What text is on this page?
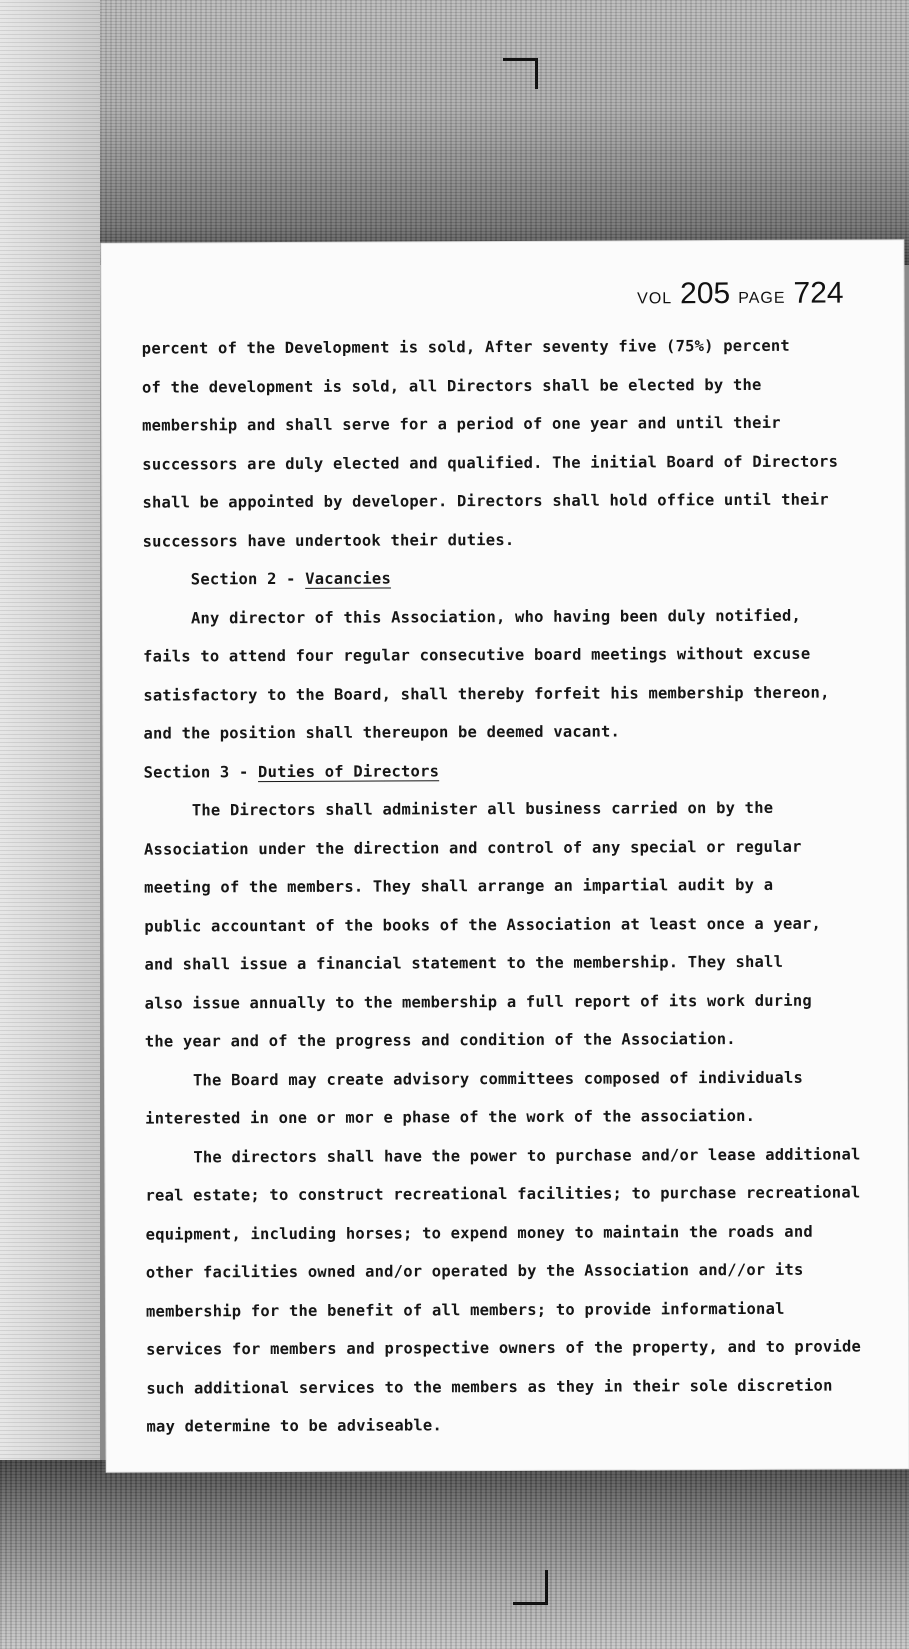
VOL 205 PAGE 724

percent of the Development is sold, After seventy five (75%) percent

of the development is sold, all Directors shall be elected by the

membership and shall serve for a period of one year and until their

successors are duly elected and qualified. The initial Board of Directors

shall be appointed by developer. Directors shall hold office until their

successors have undertook their duties.

Section 2 - Vacancies

Any director of this Association, who having been duly notified,

fails to attend four regular consecutive board meetings without excuse

satisfactory to the Board, shall thereby forfeit his membership thereon,

and the position shall thereupon be deemed vacant.

Section 3 - Duties of Directors

The Directors shall administer all business carried on by the

Association under the direction and control of any special or regular

meeting of the members. They shall arrange an impartial audit by a

public accountant of the books of the Association at least once a year,

and shall issue a financial statement to the membership. They shall

also issue annually to the membership a full report of its work during

the year and of the progress and condition of the Association.

The Board may create advisory committees composed of individuals

interested in one or mor e phase of the work of the association.

The directors shall have the power to purchase and/or lease additional

real estate; to construct recreational facilities; to purchase recreational

equipment, including horses; to expend money to maintain the roads and

other facilities owned and/or operated by the Association and//or its

membership for the benefit of all members; to provide informational

services for members and prospective owners of the property, and to provide

such additional services to the members as they in their sole discretion

may determine to be adviseable.
